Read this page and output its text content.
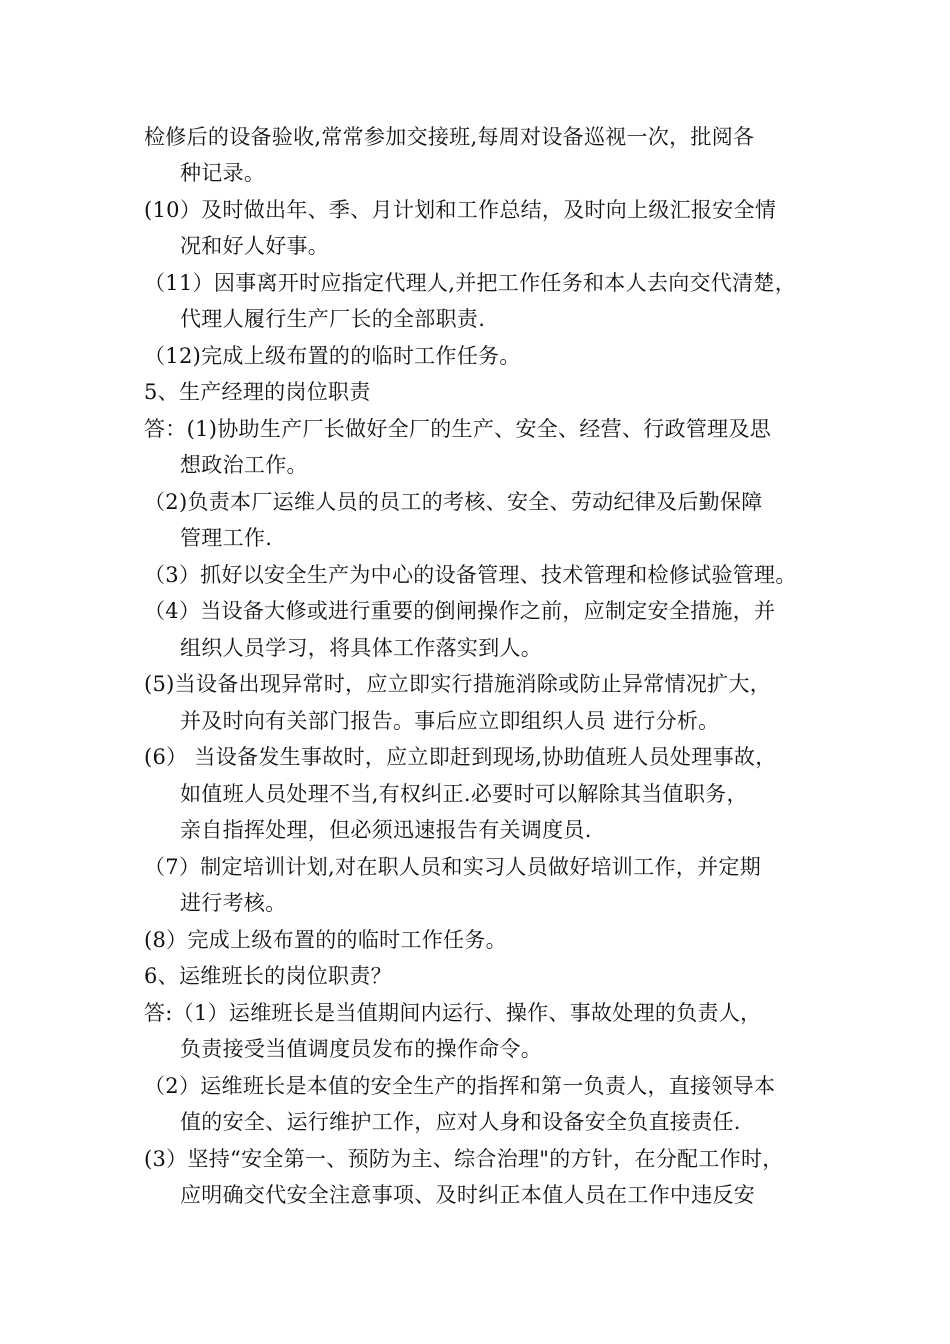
检修后的设备验收,常常参加交接班,每周对设备巡视一次，批阅各

种记录。

(10）及时做出年、季、月计划和工作总结，及时向上级汇报安全情

况和好人好事。

（11）因事离开时应指定代理人,并把工作任务和本人去向交代清楚，

代理人履行生产厂长的全部职责.

（12)完成上级布置的的临时工作任务。

5、生产经理的岗位职责

答：(1)协助生产厂长做好全厂的生产、安全、经营、行政管理及思

想政治工作。

（2)负责本厂运维人员的员工的考核、安全、劳动纪律及后勤保障

管理工作.

（3）抓好以安全生产为中心的设备管理、技术管理和检修试验管理。

（4）当设备大修或进行重要的倒闸操作之前，应制定安全措施，并

组织人员学习，将具体工作落实到人。

(5)当设备出现异常时，应立即实行措施消除或防止异常情况扩大，

并及时向有关部门报告。事后应立即组织人员 进行分析。

(6） 当设备发生事故时，应立即赶到现场,协助值班人员处理事故，

如值班人员处理不当,有权纠正.必要时可以解除其当值职务，

亲自指挥处理，但必须迅速报告有关调度员.

（7）制定培训计划,对在职人员和实习人员做好培训工作，并定期

进行考核。

(8）完成上级布置的的临时工作任务。

6、运维班长的岗位职责？

答:（1）运维班长是当值期间内运行、操作、事故处理的负责人，

负责接受当值调度员发布的操作命令。

（2）运维班长是本值的安全生产的指挥和第一负责人，直接领导本

值的安全、运行维护工作，应对人身和设备安全负直接责任.

(3）坚持“安全第一、预防为主、综合治理"的方针，在分配工作时，

应明确交代安全注意事项、及时纠正本值人员在工作中违反安
